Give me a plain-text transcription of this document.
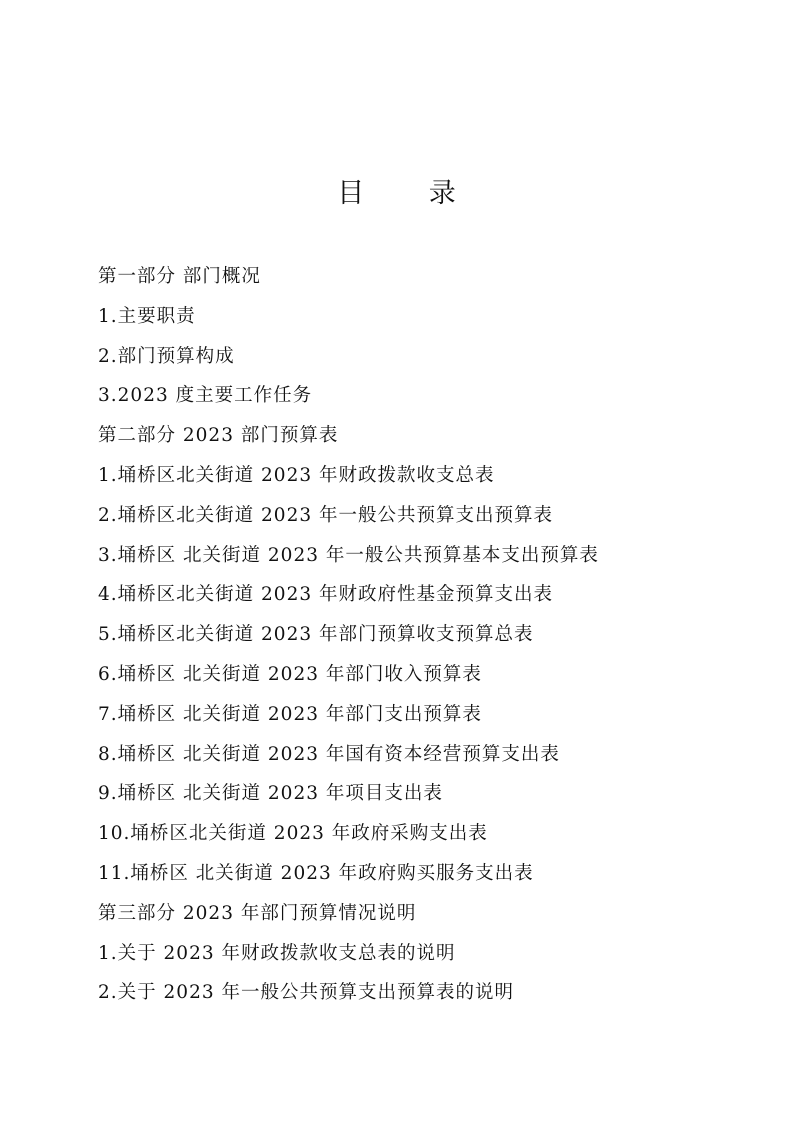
目 录
第一部分 部门概况
1.主要职责
2.部门预算构成
3.2023 度主要工作任务
第二部分 2023 部门预算表
1.埇桥区北关街道 2023 年财政拨款收支总表
2.埇桥区北关街道 2023 年一般公共预算支出预算表
3.埇桥区 北关街道 2023 年一般公共预算基本支出预算表
4.埇桥区北关街道 2023 年财政府性基金预算支出表
5.埇桥区北关街道 2023 年部门预算收支预算总表
6.埇桥区 北关街道 2023 年部门收入预算表
7.埇桥区 北关街道 2023 年部门支出预算表
8.埇桥区 北关街道 2023 年国有资本经营预算支出表
9.埇桥区 北关街道 2023 年项目支出表
10.埇桥区北关街道 2023 年政府采购支出表
11.埇桥区 北关街道 2023 年政府购买服务支出表
第三部分 2023 年部门预算情况说明
1.关于 2023 年财政拨款收支总表的说明
2.关于 2023 年一般公共预算支出预算表的说明
